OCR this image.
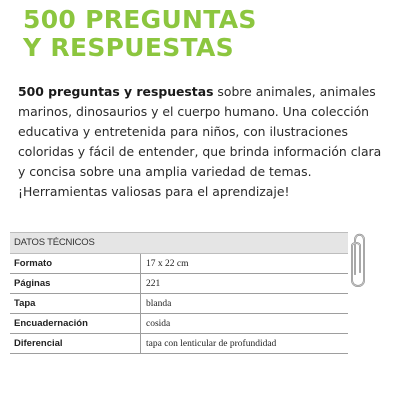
500 PREGUNTAS
Y RESPUESTAS

500 preguntas y respuestas sobre animales, animales marinos, dinosaurios y el cuerpo humano. Una colección educativa y entretenida para niños, con ilustraciones coloridas y fácil de entender, que brinda información clara y concisa sobre una amplia variedad de temas. ¡Herramientas valiosas para el aprendizaje!

DATOS TÉCNICOS
Formato	17 x 22 cm
Páginas	221
Tapa	blanda
Encuadernación	cosida
Diferencial	tapa con lenticular de profundidad
